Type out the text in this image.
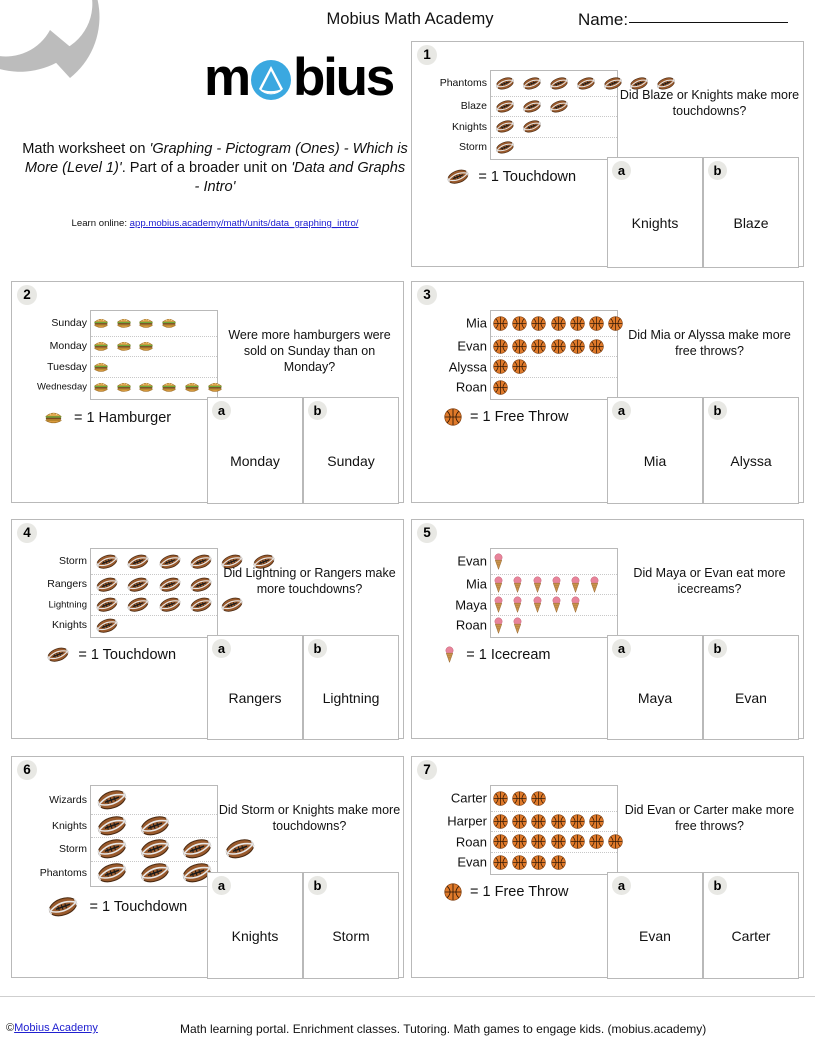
Mobius Math Academy	Name:
m bius
Math worksheet on 'Graphing - Pictogram (Ones) - Which is More (Level 1)'. Part of a broader unit on 'Data and Graphs - Intro'
Learn online: app.mobius.academy/math/units/data_graphing_intro/
1
Phantoms
Blaze
Knights
Storm
= 1 Touchdown
Did Blaze or Knights make more touchdowns?
a
Knights
b
Blaze
2
Sunday
Monday
Tuesday
Wednesday
= 1 Hamburger
Were more hamburgers were sold on Sunday than on Monday?
a
Monday
b
Sunday
3
Mia
Evan
Alyssa
Roan
= 1 Free Throw
Did Mia or Alyssa make more free throws?
a
Mia
b
Alyssa
4
Storm
Rangers
Lightning
Knights
= 1 Touchdown
Did Lightning or Rangers make more touchdowns?
a
Rangers
b
Lightning
5
Evan
Mia
Maya
Roan
= 1 Icecream
Did Maya or Evan eat more icecreams?
a
Maya
b
Evan
6
Wizards
Knights
Storm
Phantoms
= 1 Touchdown
Did Storm or Knights make more touchdowns?
a
Knights
b
Storm
7
Carter
Harper
Roan
Evan
= 1 Free Throw
Did Evan or Carter make more free throws?
a
Evan
b
Carter
©Mobius Academy	Math learning portal. Enrichment classes. Tutoring. Math games to engage kids. (mobius.academy)
